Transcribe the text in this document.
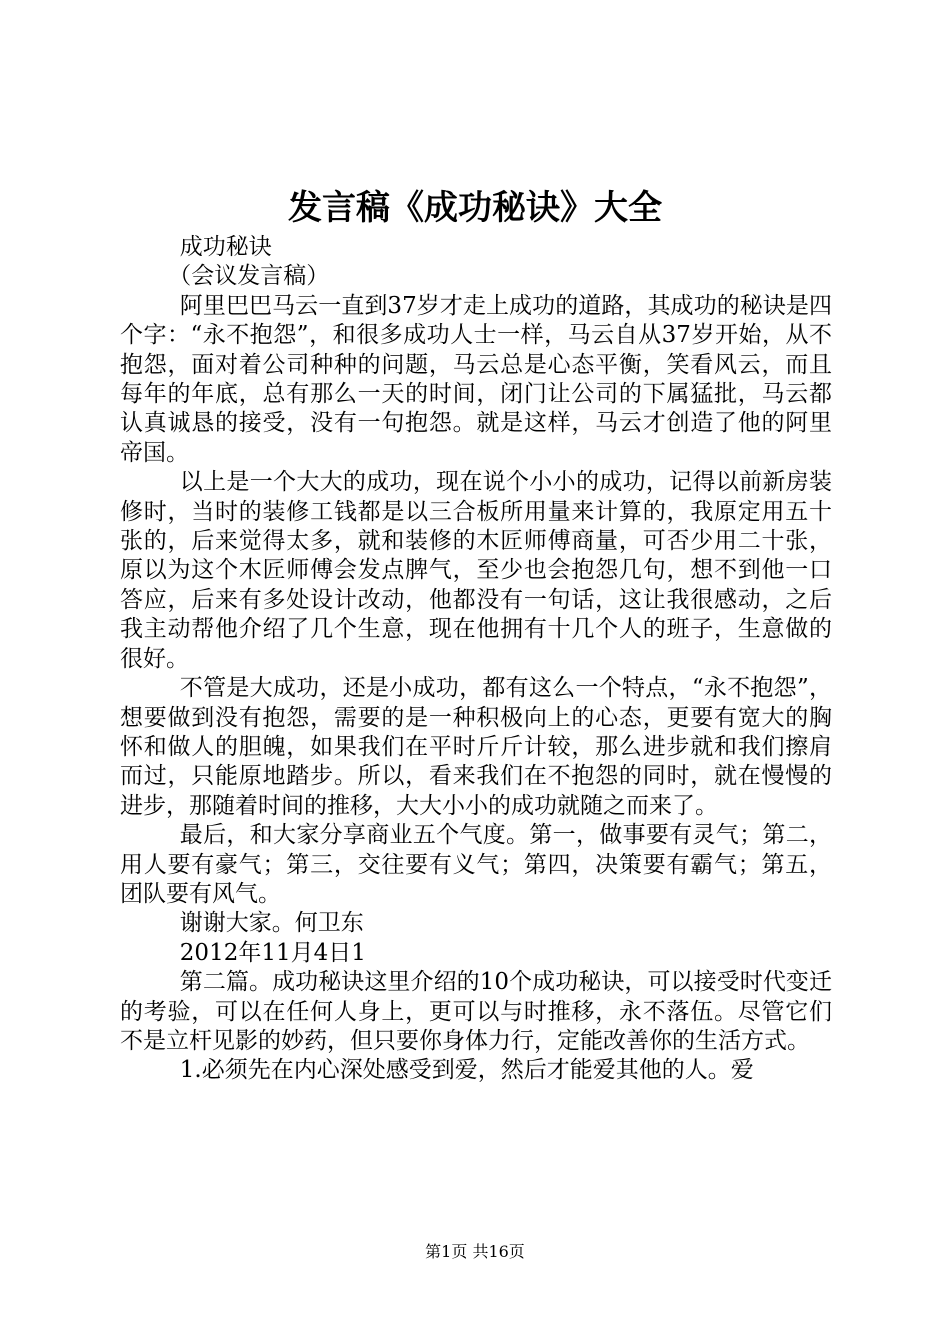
发言稿《成功秘诀》大全

成功秘诀

（会议发言稿）

阿里巴巴马云一直到37岁才走上成功的道路，其成功的秘诀是四个字：“永不抱怨”，和很多成功人士一样，马云自从37岁开始，从不抱怨，面对着公司种种的问题，马云总是心态平衡，笑看风云，而且每年的年底，总有那么一天的时间，闭门让公司的下属猛批，马云都认真诚恳的接受，没有一句抱怨。就是这样，马云才创造了他的阿里帝国。

以上是一个大大的成功，现在说个小小的成功，记得以前新房装修时，当时的装修工钱都是以三合板所用量来计算的，我原定用五十张的，后来觉得太多，就和装修的木匠师傅商量，可否少用二十张，原以为这个木匠师傅会发点脾气，至少也会抱怨几句，想不到他一口答应，后来有多处设计改动，他都没有一句话，这让我很感动，之后我主动帮他介绍了几个生意，现在他拥有十几个人的班子，生意做的很好。

不管是大成功，还是小成功，都有这么一个特点，“永不抱怨”，想要做到没有抱怨，需要的是一种积极向上的心态，更要有宽大的胸怀和做人的胆魄，如果我们在平时斤斤计较，那么进步就和我们擦肩而过，只能原地踏步。所以，看来我们在不抱怨的同时，就在慢慢的进步，那随着时间的推移，大大小小的成功就随之而来了。

最后，和大家分享商业五个气度。第一，做事要有灵气；第二，用人要有豪气；第三，交往要有义气；第四，决策要有霸气；第五，团队要有风气。

谢谢大家。何卫东

2012年11月4日1

第二篇。成功秘诀这里介绍的10个成功秘诀，可以接受时代变迁的考验，可以在任何人身上，更可以与时推移，永不落伍。尽管它们不是立杆见影的妙药，但只要你身体力行，定能改善你的生活方式。

1.必须先在内心深处感受到爱，然后才能爱其他的人。爱

第1页 共16页
